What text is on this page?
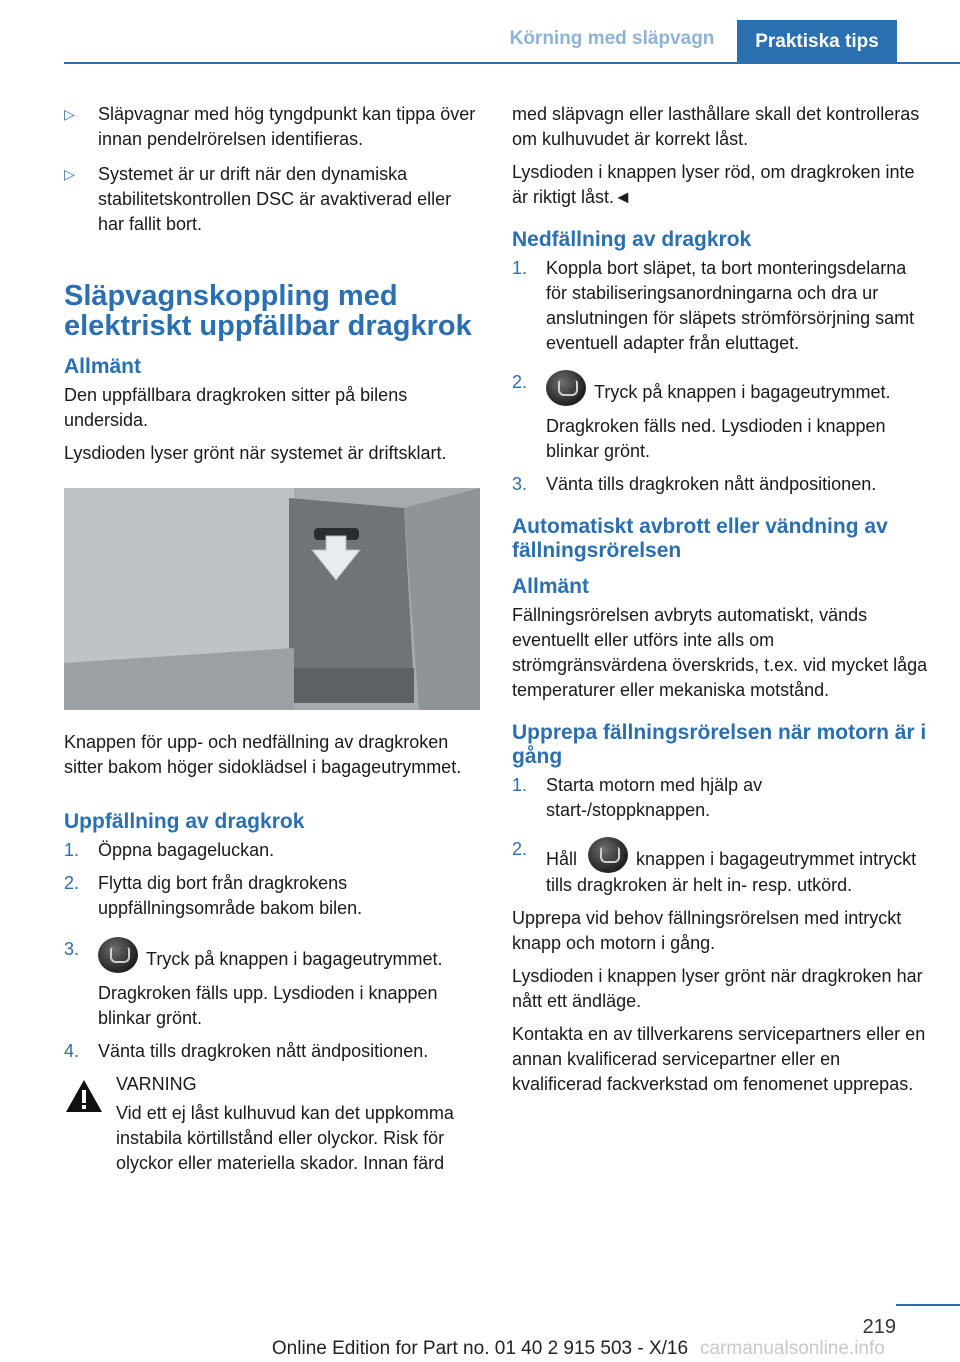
Körning med släpvagn	Praktiska tips
▷ Släpvagnar med hög tyngdpunkt kan tippa över innan pendelrörelsen identifieras.
▷ Systemet är ur drift när den dynamiska stabilitetskontrollen DSC är avaktiverad eller har fallit bort.
Släpvagnskoppling med elektriskt uppfällbar dragkrok
Allmänt

Den uppfällbara dragkroken sitter på bilens undersida.

Lysdioden lyser grönt när systemet är driftsklart.

Knappen för upp- och nedfällning av dragkroken sitter bakom höger sidoklädsel i bagageutrymmet.

Uppfällning av dragkrok
1. Öppna bagageluckan.
2. Flytta dig bort från dragkrokens uppfällningsområde bakom bilen.
3.	Tryck på knappen i bagageutrymmet.

Dragkroken fälls upp. Lysdioden i knappen blinkar grönt.

4. Vänta tills dragkroken nått ändpositionen.

VARNING

Vid ett ej låst kulhuvud kan det uppkomma instabila körtillstånd eller olyckor. Risk för olyckor eller materiella skador. Innan färd

med släpvagn eller lasthållare skall det kontrolleras om kulhuvudet är korrekt låst.

Lysdioden i knappen lyser röd, om dragkroken inte är riktigt låst.◄

Nedfällning av dragkrok
1. Koppla bort släpet, ta bort monteringsdelarna för stabiliseringsanordningarna och dra ur anslutningen för släpets strömförsörjning samt eventuell adapter från eluttaget.
2.	Tryck på knappen i bagageutrymmet.

Dragkroken fälls ned. Lysdioden i knappen blinkar grönt.

3. Vänta tills dragkroken nått ändpositionen.
Automatiskt avbrott eller vändning av fällningsrörelsen
Allmänt

Fällningsrörelsen avbryts automatiskt, vänds eventuellt eller utförs inte alls om strömgränsvärdena överskrids, t.ex. vid mycket låga temperaturer eller mekaniska motstånd.

Upprepa fällningsrörelsen när motorn är i gång
1. Starta motorn med hjälp av start-/stoppknappen.
2. Håll	knappen i bagageutrymmet intryckt tills dragkroken är helt in- resp. utkörd.

Upprepa vid behov fällningsrörelsen med intryckt knapp och motorn i gång.

Lysdioden i knappen lyser grönt när dragkroken har nått ett ändläge.

Kontakta en av tillverkarens servicepartners eller en annan kvalificerad servicepartner eller en kvalificerad fackverkstad om fenomenet upprepas.

219
Online Edition for Part no. 01 40 2 915 503 - X/16 carmanualsonline.info
